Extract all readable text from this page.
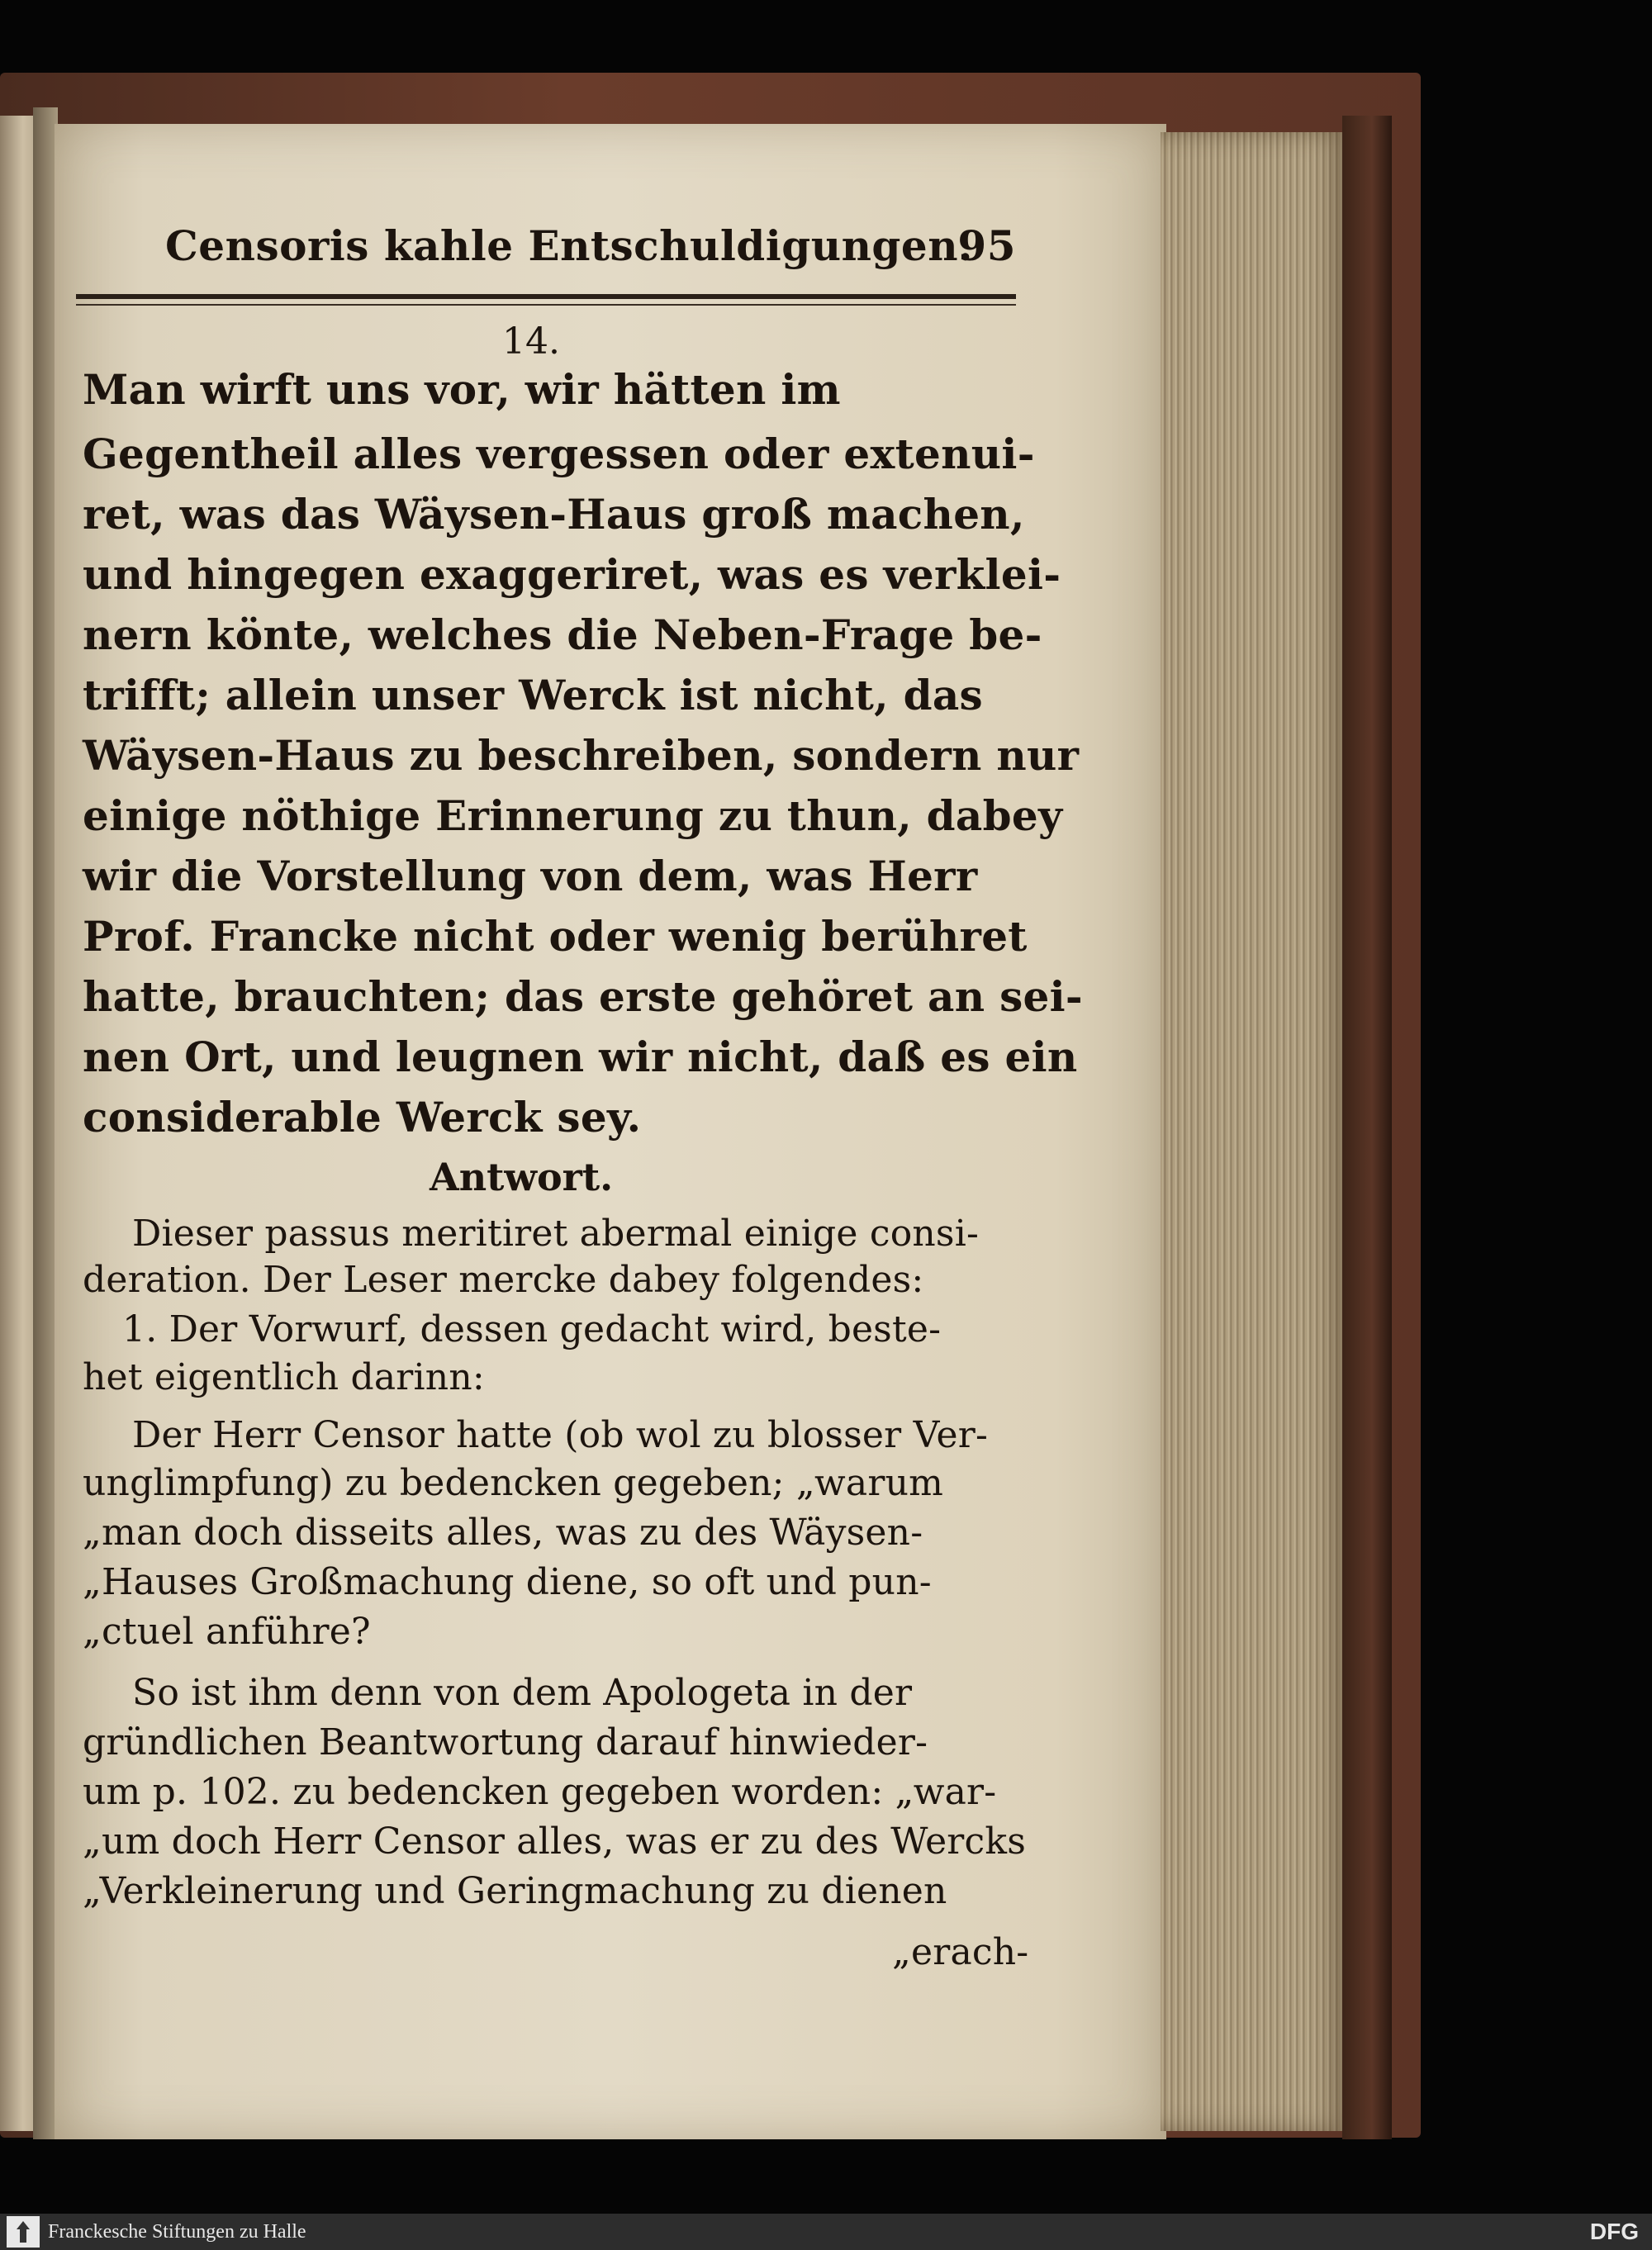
Censoris kahle Entschuldigungen.
95
14.
Man wirft uns vor, wir hätten im
Gegentheil alles vergessen oder extenui-
ret, was das Wäysen-Haus groß machen,
und hingegen exaggeriret, was es verklei-
nern könte, welches die Neben-Frage be-
trifft; allein unser Werck ist nicht, das
Wäysen-Haus zu beschreiben, sondern nur
einige nöthige Erinnerung zu thun, dabey
wir die Vorstellung von dem, was Herr
Prof. Francke nicht oder wenig berühret
hatte, brauchten; das erste gehöret an sei-
nen Ort, und leugnen wir nicht, daß es ein
considerable Werck sey.
Antwort.
Dieser passus meritiret abermal einige consi-
deration. Der Leser mercke dabey folgendes:
1. Der Vorwurf, dessen gedacht wird, beste-
het eigentlich darinn:
Der Herr Censor hatte (ob wol zu blosser Ver-
unglimpfung) zu bedencken gegeben; „warum
„man doch disseits alles, was zu des Wäysen-
„Hauses Großmachung diene, so oft und pun-
„ctuel anführe?
So ist ihm denn von dem Apologeta in der
gründlichen Beantwortung darauf hinwieder-
um p. 102. zu bedencken gegeben worden: „war-
„um doch Herr Censor alles, was er zu des Wercks
„Verkleinerung und Geringmachung zu dienen
„erach-
Franckesche Stiftungen zu Halle	DFG
